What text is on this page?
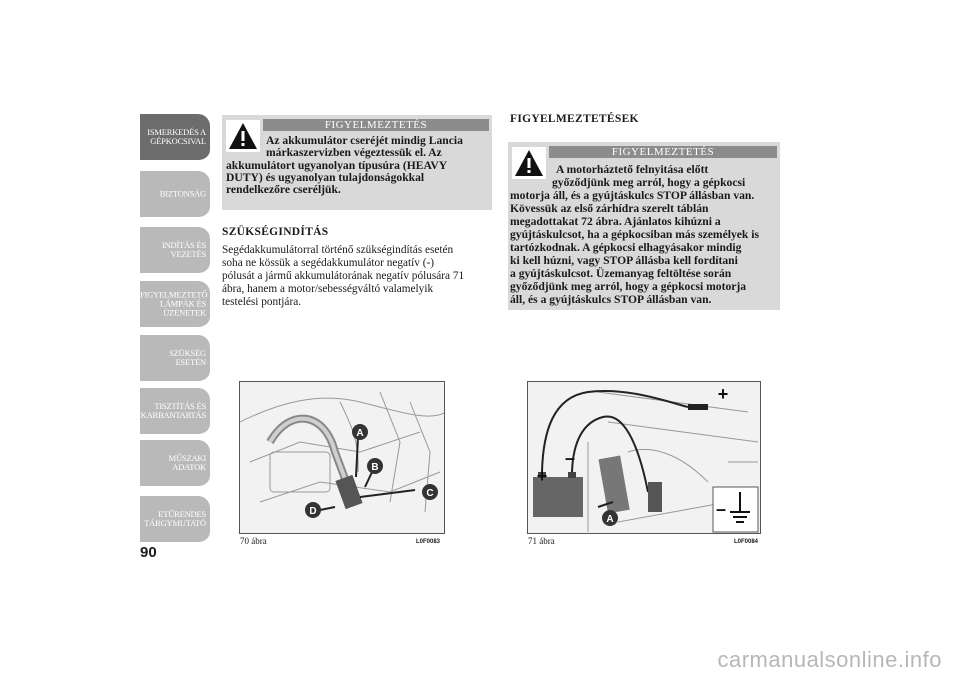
ISMERKEDÉS A GÉPKOCSIVAL
BIZTONSÁG
INDÍTÁS ÉS VEZETÉS
FIGYELMEZTETŐ LÁMPÁK ÉS ÜZENETEK
SZÜKSÉG ESETÉN
TISZTÍTÁS ÉS KARBANTARTÁS
MŰSZAKI ADATOK
ETŰRENDES TÁRGYMUTATÓ
90
FIGYELMEZTETÉS
Az akkumulátor cseréjét mindig Lancia
márkaszervizben végeztessük el. Az
akkumulátort ugyanolyan típusúra (HEAVY
DUTY) és ugyanolyan tulajdonságokkal
rendelkezőre cseréljük.
SZÜKSÉGINDÍTÁS
Segédakkumulátorral történő szükségindítás esetén
soha ne kössük a segédakkumulátor negatív (-)
pólusát a jármű akkumulátorának negatív pólusára 71
ábra, hanem a motor/sebességváltó valamelyik
testelési pontjára.
FIGYELMEZTETÉSEK
FIGYELMEZTETÉS
A motorháztető felnyitása előtt
győződjünk meg arról, hogy a gépkocsi
motorja áll, és a gyújtáskulcs STOP állásban van.
Kövessük az első zárhídra szerelt táblán
megadottakat 72 ábra. Ajánlatos kihúzni a
gyújtáskulcsot, ha a gépkocsiban más személyek is
tartózkodnak. A gépkocsi elhagyásakor mindig
ki kell húzni, vagy STOP állásba kell fordítani
a gyújtáskulcsot. Üzemanyag feltöltése során
győződjünk meg arról, hogy a gépkocsi motorja
áll, és a gyújtáskulcs STOP állásban van.
A
B
C
D
70 ábra	L0F0083
+
–
+
–
A
71 ábra	L0F0084
carmanualsonline.info
